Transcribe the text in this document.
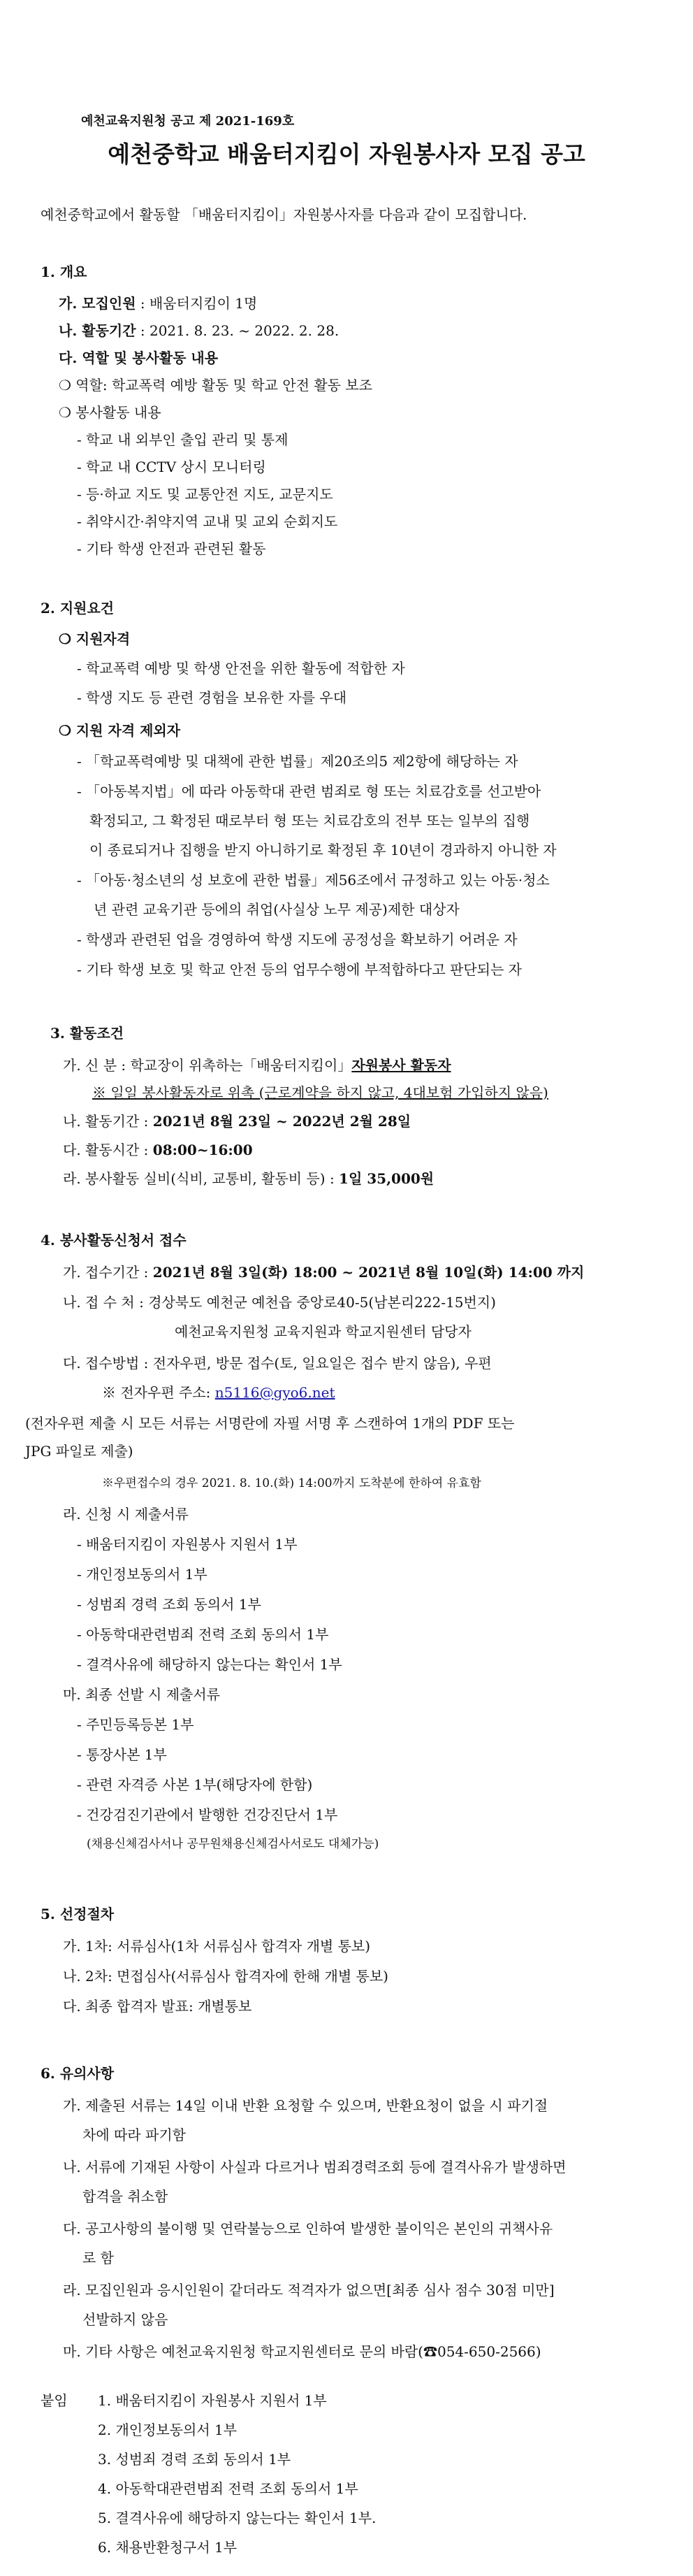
예천교육지원청 공고 제 2021-169호
예천중학교 배움터지킴이 자원봉사자 모집 공고
예천중학교에서 활동할 「배움터지킴이」자원봉사자를 다음과 같이 모집합니다.
1. 개요
가. 모집인원 : 배움터지킴이 1명
나. 활동기간 : 2021. 8. 23. ~ 2022. 2. 28.
다. 역할 및 봉사활동 내용
❍ 역할: 학교폭력 예방 활동 및 학교 안전 활동 보조
❍ 봉사활동 내용
- 학교 내 외부인 출입 관리 및 통제
- 학교 내 CCTV 상시 모니터링
- 등·하교 지도 및 교통안전 지도, 교문지도
- 취약시간·취약지역 교내 및 교외 순회지도
- 기타 학생 안전과 관련된 활동
2. 지원요건
❍ 지원자격
- 학교폭력 예방 및 학생 안전을 위한 활동에 적합한 자
- 학생 지도 등 관련 경험을 보유한 자를 우대
❍ 지원 자격 제외자
- 「학교폭력예방 및 대책에 관한 법률」제20조의5 제2항에 해당하는 자
- 「아동복지법」에 따라 아동학대 관련 범죄로 형 또는 치료감호를 선고받아
확정되고, 그 확정된 때로부터 형 또는 치료감호의 전부 또는 일부의 집행
이 종료되거나 집행을 받지 아니하기로 확정된 후 10년이 경과하지 아니한 자
- 「아동·청소년의 성 보호에 관한 법률」제56조에서 규정하고 있는 아동·청소
년 관련 교육기관 등에의 취업(사실상 노무 제공)제한 대상자
- 학생과 관련된 업을 경영하여 학생 지도에 공정성을 확보하기 어려운 자
- 기타 학생 보호 및 학교 안전 등의 업무수행에 부적합하다고 판단되는 자
3. 활동조건
가. 신 분 : 학교장이 위촉하는「배움터지킴이」자원봉사 활동자
※ 일일 봉사활동자로 위촉 (근로계약을 하지 않고, 4대보험 가입하지 않음)
나. 활동기간 : 2021년 8월 23일 ~ 2022년 2월 28일
다. 활동시간 : 08:00~16:00
라. 봉사활동 실비(식비, 교통비, 활동비 등) : 1일 35,000원
4. 봉사활동신청서 접수
가. 접수기간 : 2021년 8월 3일(화) 18:00 ~ 2021년 8월 10일(화) 14:00 까지
나. 접 수 처 : 경상북도 예천군 예천읍 중앙로40-5(남본리222-15번지)
예천교육지원청 교육지원과 학교지원센터 담당자
다. 접수방법 : 전자우편, 방문 접수(토, 일요일은 접수 받지 않음), 우편
※ 전자우편 주소: n5116@gyo6.net
(전자우편 제출 시 모든 서류는 서명란에 자필 서명 후 스캔하여 1개의 PDF 또는
JPG 파일로 제출)
※우편접수의 경우 2021. 8. 10.(화) 14:00까지 도착분에 한하여 유효함
라. 신청 시 제출서류
- 배움터지킴이 자원봉사 지원서 1부
- 개인정보동의서 1부
- 성범죄 경력 조회 동의서 1부
- 아동학대관련범죄 전력 조회 동의서 1부
- 결격사유에 해당하지 않는다는 확인서 1부
마. 최종 선발 시 제출서류
- 주민등록등본 1부
- 통장사본 1부
- 관련 자격증 사본 1부(해당자에 한함)
- 건강검진기관에서 발행한 건강진단서 1부
(채용신체검사서나 공무원채용신체검사서로도 대체가능)
5. 선정절차
가. 1차: 서류심사(1차 서류심사 합격자 개별 통보)
나. 2차: 면접심사(서류심사 합격자에 한해 개별 통보)
다. 최종 합격자 발표: 개별통보
6. 유의사항
가. 제출된 서류는 14일 이내 반환 요청할 수 있으며, 반환요청이 없을 시 파기절
차에 따라 파기함
나. 서류에 기재된 사항이 사실과 다르거나 범죄경력조회 등에 결격사유가 발생하면
합격을 취소함
다. 공고사항의 불이행 및 연락불능으로 인하여 발생한 불이익은 본인의 귀책사유
로 함
라. 모집인원과 응시인원이 같더라도 적격자가 없으면[최종 심사 점수 30점 미만]
선발하지 않음
마. 기타 사항은 예천교육지원청 학교지원센터로 문의 바람(☎054-650-2566)
붙임 1. 배움터지킴이 자원봉사 지원서 1부
2. 개인정보동의서 1부
3. 성범죄 경력 조회 동의서 1부
4. 아동학대관련범죄 전력 조회 동의서 1부
5. 결격사유에 해당하지 않는다는 확인서 1부.
6. 채용반환청구서 1부
